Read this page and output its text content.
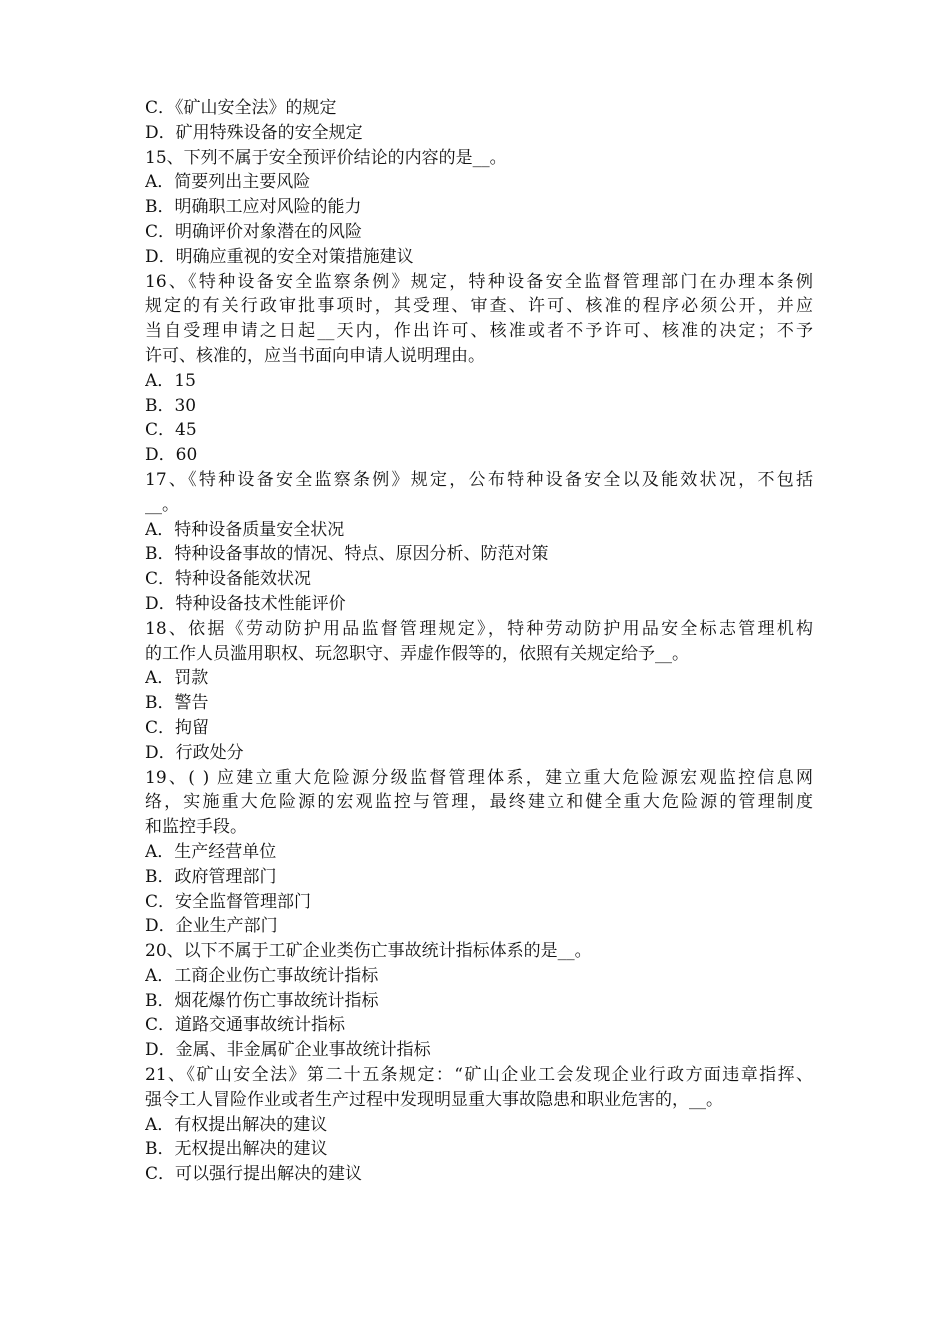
C．《矿山安全法》的规定
D．矿用特殊设备的安全规定
15、下列不属于安全预评价结论的内容的是__。
A．简要列出主要风险
B．明确职工应对风险的能力
C．明确评价对象潜在的风险
D．明确应重视的安全对策措施建议
16、《特种设备安全监察条例》规定，特种设备安全监督管理部门在办理本条例
规定的有关行政审批事项时，其受理、审查、许可、核准的程序必须公开，并应
当自受理申请之日起__天内，作出许可、核准或者不予许可、核准的决定；不予
许可、核准的，应当书面向申请人说明理由。
A．15
B．30
C．45
D．60
17、《特种设备安全监察条例》规定，公布特种设备安全以及能效状况，不包括
__。
A．特种设备质量安全状况
B．特种设备事故的情况、特点、原因分析、防范对策
C．特种设备能效状况
D．特种设备技术性能评价
18、依据《劳动防护用品监督管理规定》，特种劳动防护用品安全标志管理机构
的工作人员滥用职权、玩忽职守、弄虚作假等的，依照有关规定给予__。
A．罚款
B．警告
C．拘留
D．行政处分
19、( ) 应建立重大危险源分级监督管理体系，建立重大危险源宏观监控信息网
络，实施重大危险源的宏观监控与管理，最终建立和健全重大危险源的管理制度
和监控手段。
A．生产经营单位
B．政府管理部门
C．安全监督管理部门
D．企业生产部门
20、以下不属于工矿企业类伤亡事故统计指标体系的是__。
A．工商企业伤亡事故统计指标
B．烟花爆竹伤亡事故统计指标
C．道路交通事故统计指标
D．金属、非金属矿企业事故统计指标
21、《矿山安全法》第二十五条规定：“矿山企业工会发现企业行政方面违章指挥、
强令工人冒险作业或者生产过程中发现明显重大事故隐患和职业危害的，__。
A．有权提出解决的建议
B．无权提出解决的建议
C．可以强行提出解决的建议
